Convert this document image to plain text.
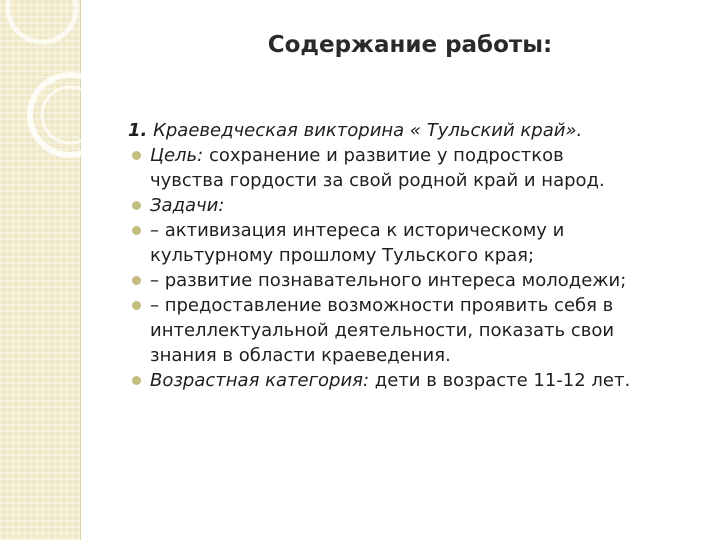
Содержание работы:
1. Краеведческая викторина « Тульский край».
Цель: сохранение и развитие у подростков
чувства гордости за свой родной край и народ.
Задачи:
– активизация интереса к историческому и
культурному прошлому Тульского края;
– развитие познавательного интереса молодежи;
– предоставление возможности проявить себя в
интеллектуальной деятельности, показать свои
знания в области краеведения.
Возрастная категория: дети в возрасте 11-12 лет.
